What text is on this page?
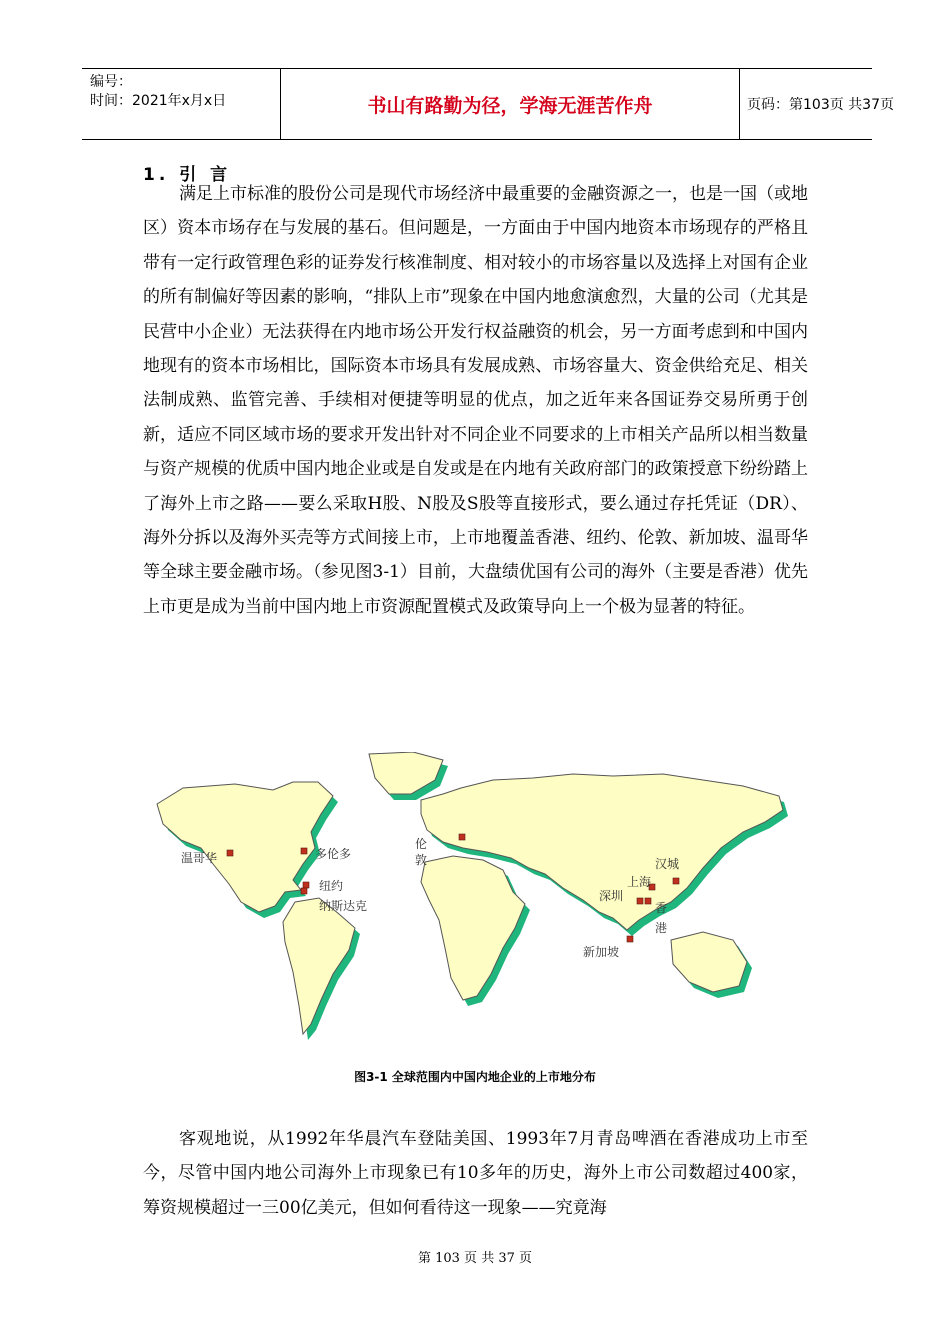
编号：
时间：2021年x月x日	书山有路勤为径，学海无涯苦作舟	页码：第103页 共37页
1. 引 言

满足上市标准的股份公司是现代市场经济中最重要的金融资源之一，也是一国（或地区）资本市场存在与发展的基石。但问题是，一方面由于中国内地资本市场现存的严格且带有一定行政管理色彩的证券发行核准制度、相对较小的市场容量以及选择上对国有企业的所有制偏好等因素的影响，“排队上市”现象在中国内地愈演愈烈，大量的公司（尤其是民营中小企业）无法获得在内地市场公开发行权益融资的机会，另一方面考虑到和中国内地现有的资本市场相比，国际资本市场具有发展成熟、市场容量大、资金供给充足、相关法制成熟、监管完善、手续相对便捷等明显的优点，加之近年来各国证券交易所勇于创新，适应不同区域市场的要求开发出针对不同企业不同要求的上市相关产品所以相当数量与资产规模的优质中国内地企业或是自发或是在内地有关政府部门的政策授意下纷纷踏上了海外上市之路——要么采取H股、N股及S股等直接形式，要么通过存托凭证（DR）、海外分拆以及海外买壳等方式间接上市，上市地覆盖香港、纽约、伦敦、新加坡、温哥华等全球主要金融市场。（参见图3-1）目前，大盘绩优国有公司的海外（主要是香港）优先上市更是成为当前中国内地上市资源配置模式及政策导向上一个极为显著的特征。

温哥华	多伦多
纽约
纳斯达克
伦
敦	汉城
上海
深圳
香
港
新加坡
图3-1 全球范围内中国内地企业的上市地分布

客观地说，从1992年华晨汽车登陆美国、1993年7月青岛啤酒在香港成功上市至今，尽管中国内地公司海外上市现象已有10多年的历史，海外上市公司数超过400家，筹资规模超过一三00亿美元，但如何看待这一现象——究竟海

第 103 页 共 37 页
